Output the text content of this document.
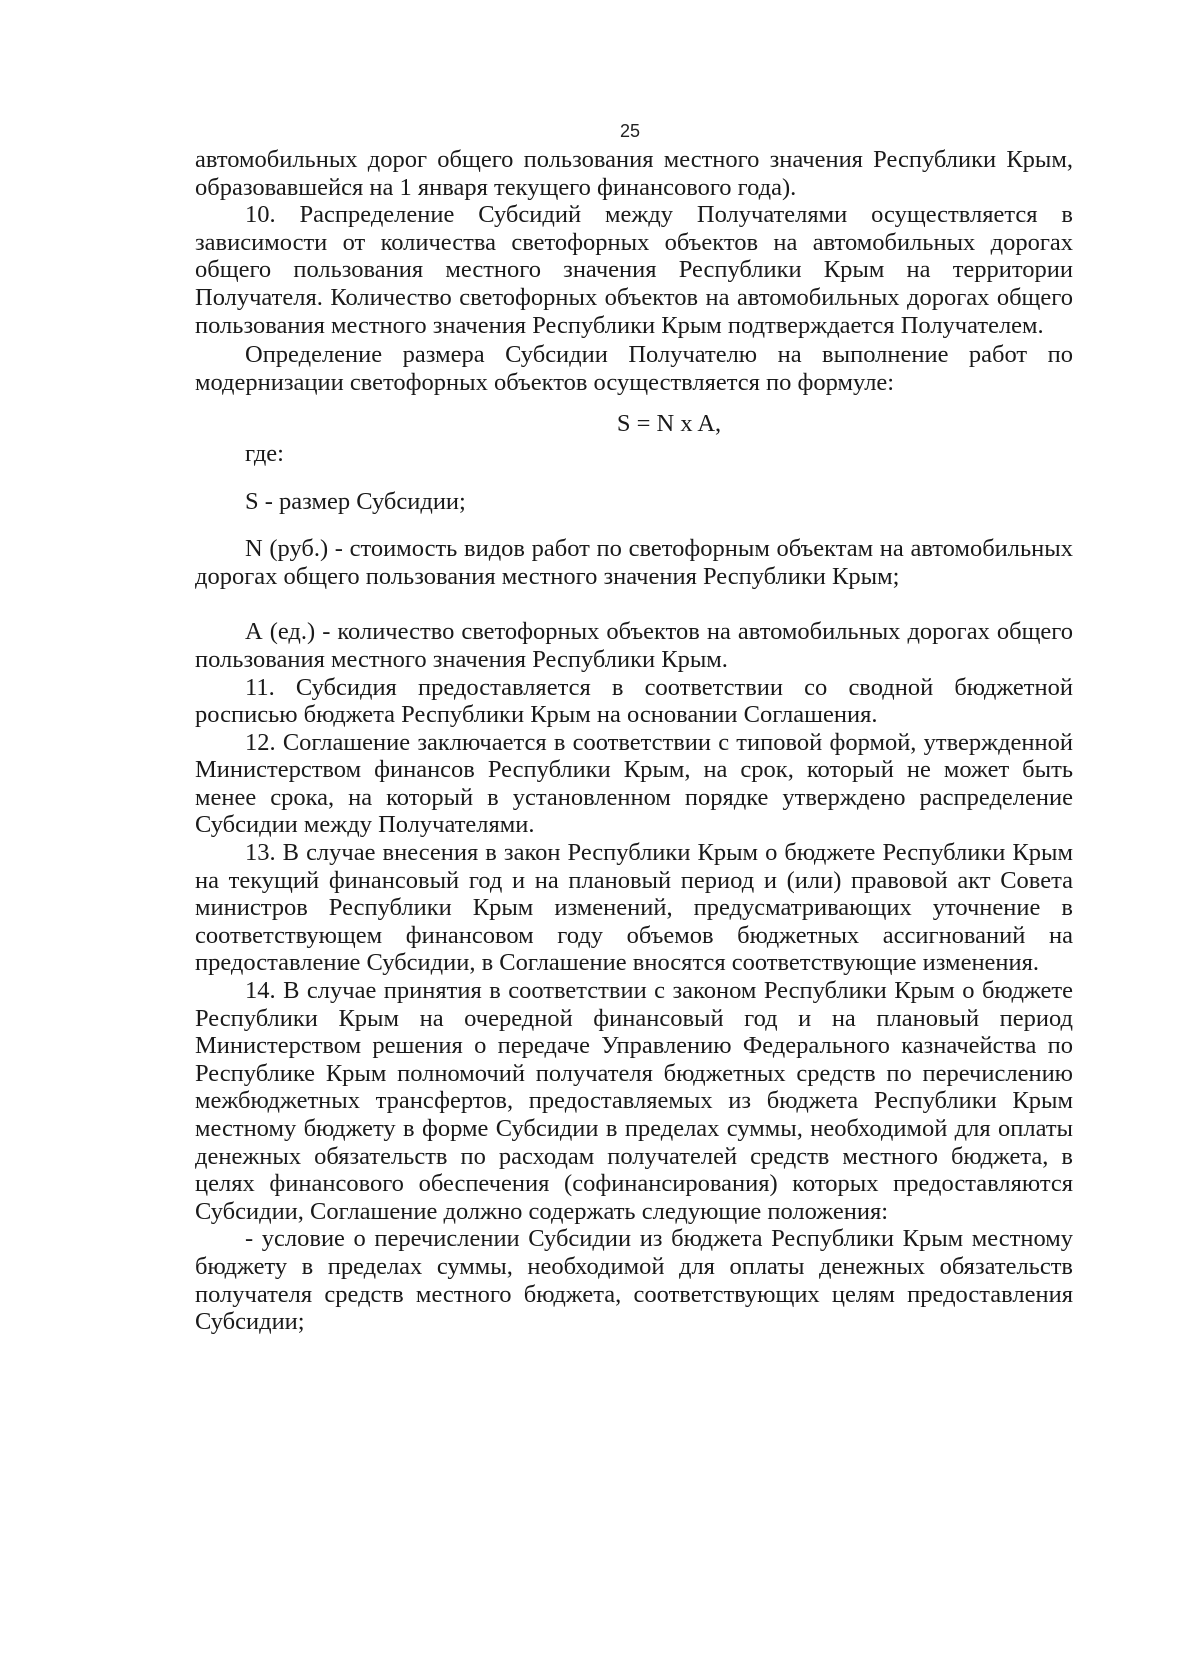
25

автомобильных дорог общего пользования местного значения Республики Крым, образовавшейся на 1 января текущего финансового года).

10. Распределение Субсидий между Получателями осуществляется в зависимости от количества светофорных объектов на автомобильных дорогах общего пользования местного значения Республики Крым на территории Получателя. Количество светофорных объектов на автомобильных дорогах общего пользования местного значения Республики Крым подтверждается Получателем.

Определение размера Субсидии Получателю на выполнение работ по модернизации светофорных объектов осуществляется по формуле:

S = N x A,

где:

S - размер Субсидии;

N (руб.) - стоимость видов работ по светофорным объектам на автомобильных дорогах общего пользования местного значения Республики Крым;

А (ед.) - количество светофорных объектов на автомобильных дорогах общего пользования местного значения Республики Крым.

11. Субсидия предоставляется в соответствии со сводной бюджетной росписью бюджета Республики Крым на основании Соглашения.

12. Соглашение заключается в соответствии с типовой формой, утвержденной Министерством финансов Республики Крым, на срок, который не может быть менее срока, на который в установленном порядке утверждено распределение Субсидии между Получателями.

13. В случае внесения в закон Республики Крым о бюджете Республики Крым на текущий финансовый год и на плановый период и (или) правовой акт Совета министров Республики Крым изменений, предусматривающих уточнение в соответствующем финансовом году объемов бюджетных ассигнований на предоставление Субсидии, в Соглашение вносятся соответствующие изменения.

14. В случае принятия в соответствии с законом Республики Крым о бюджете Республики Крым на очередной финансовый год и на плановый период Министерством решения о передаче Управлению Федерального казначейства по Республике Крым полномочий получателя бюджетных средств по перечислению межбюджетных трансфертов, предоставляемых из бюджета Республики Крым местному бюджету в форме Субсидии в пределах суммы, необходимой для оплаты денежных обязательств по расходам получателей средств местного бюджета, в целях финансового обеспечения (софинансирования) которых предоставляются Субсидии, Соглашение должно содержать следующие положения:

- условие о перечислении Субсидии из бюджета Республики Крым местному бюджету в пределах суммы, необходимой для оплаты денежных обязательств получателя средств местного бюджета, соответствующих целям предоставления Субсидии;
